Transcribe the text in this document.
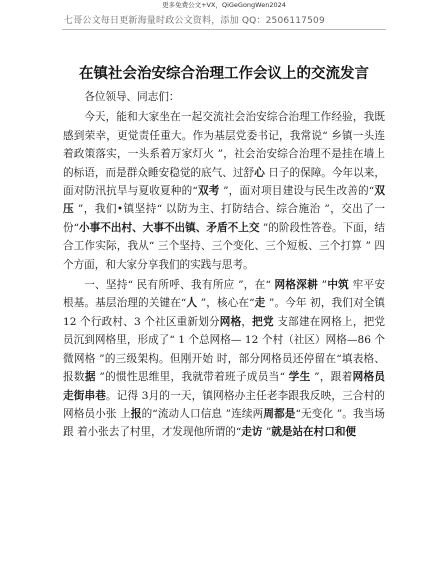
更多免费公文+VX，QiGeGongWen2024
七哥公文每日更新海量时政公文资料，添加 QQ：2506117509
在镇社会治安综合治理工作会议上的交流发言

各位领导、同志们：

今天，能和大家坐在一起交流社会治安综合治理工作经验，我既感到荣幸，更觉责任重大。作为基层党委书记，我常说“ 乡镇一头连着政策落实，一头系着万家灯火 ”，社会治安综合治理不是挂在墙上的标语，而是群众睡安稳觉的底气、过舒心 日子的保障。今年以来，面对防汛抗旱与夏收夏种的“双考 ”，面对项目建设与民生改善的“双压 ”，我们•镇坚持“ 以防为主、打防结合、综合施治 ”，交出了一份“小事不出村、大事不出镇、矛盾不上交 ”的阶段性答卷。下面，结合工作实际，我从“ 三个坚持、三个变化、三个短板、三个打算 ” 四个方面，和大家分享我们的实践与思考。

一、坚持“ 民有所呼、我有所应 ”，在“ 网格深耕 ”中筑 牢平安根基。基层治理的关键在“人 ”，核心在“走 ”。今年 初，我们对全镇 12 个行政村、3 个社区重新划分网格，把党 支部建在网格上，把党员沉到网格里，形成了“ 1 个总网格— 12 个村（社区）网格—86 个微网格 ”的三级架构。但刚开始 时，部分网格员还停留在“填表格、报数据 ”的惯性思维里，我就带着班子成员当“ 学生 ”，跟着网格员走街串巷。记得 3月的一天，镇网格办主任老李跟我反映，三合村的网格员小张 上报的“流动人口信息 ”连续两周都是“无变化 ”。我当场跟 着小张去了村里，才发现他所谓的“走访 ”就是站在村口和便
